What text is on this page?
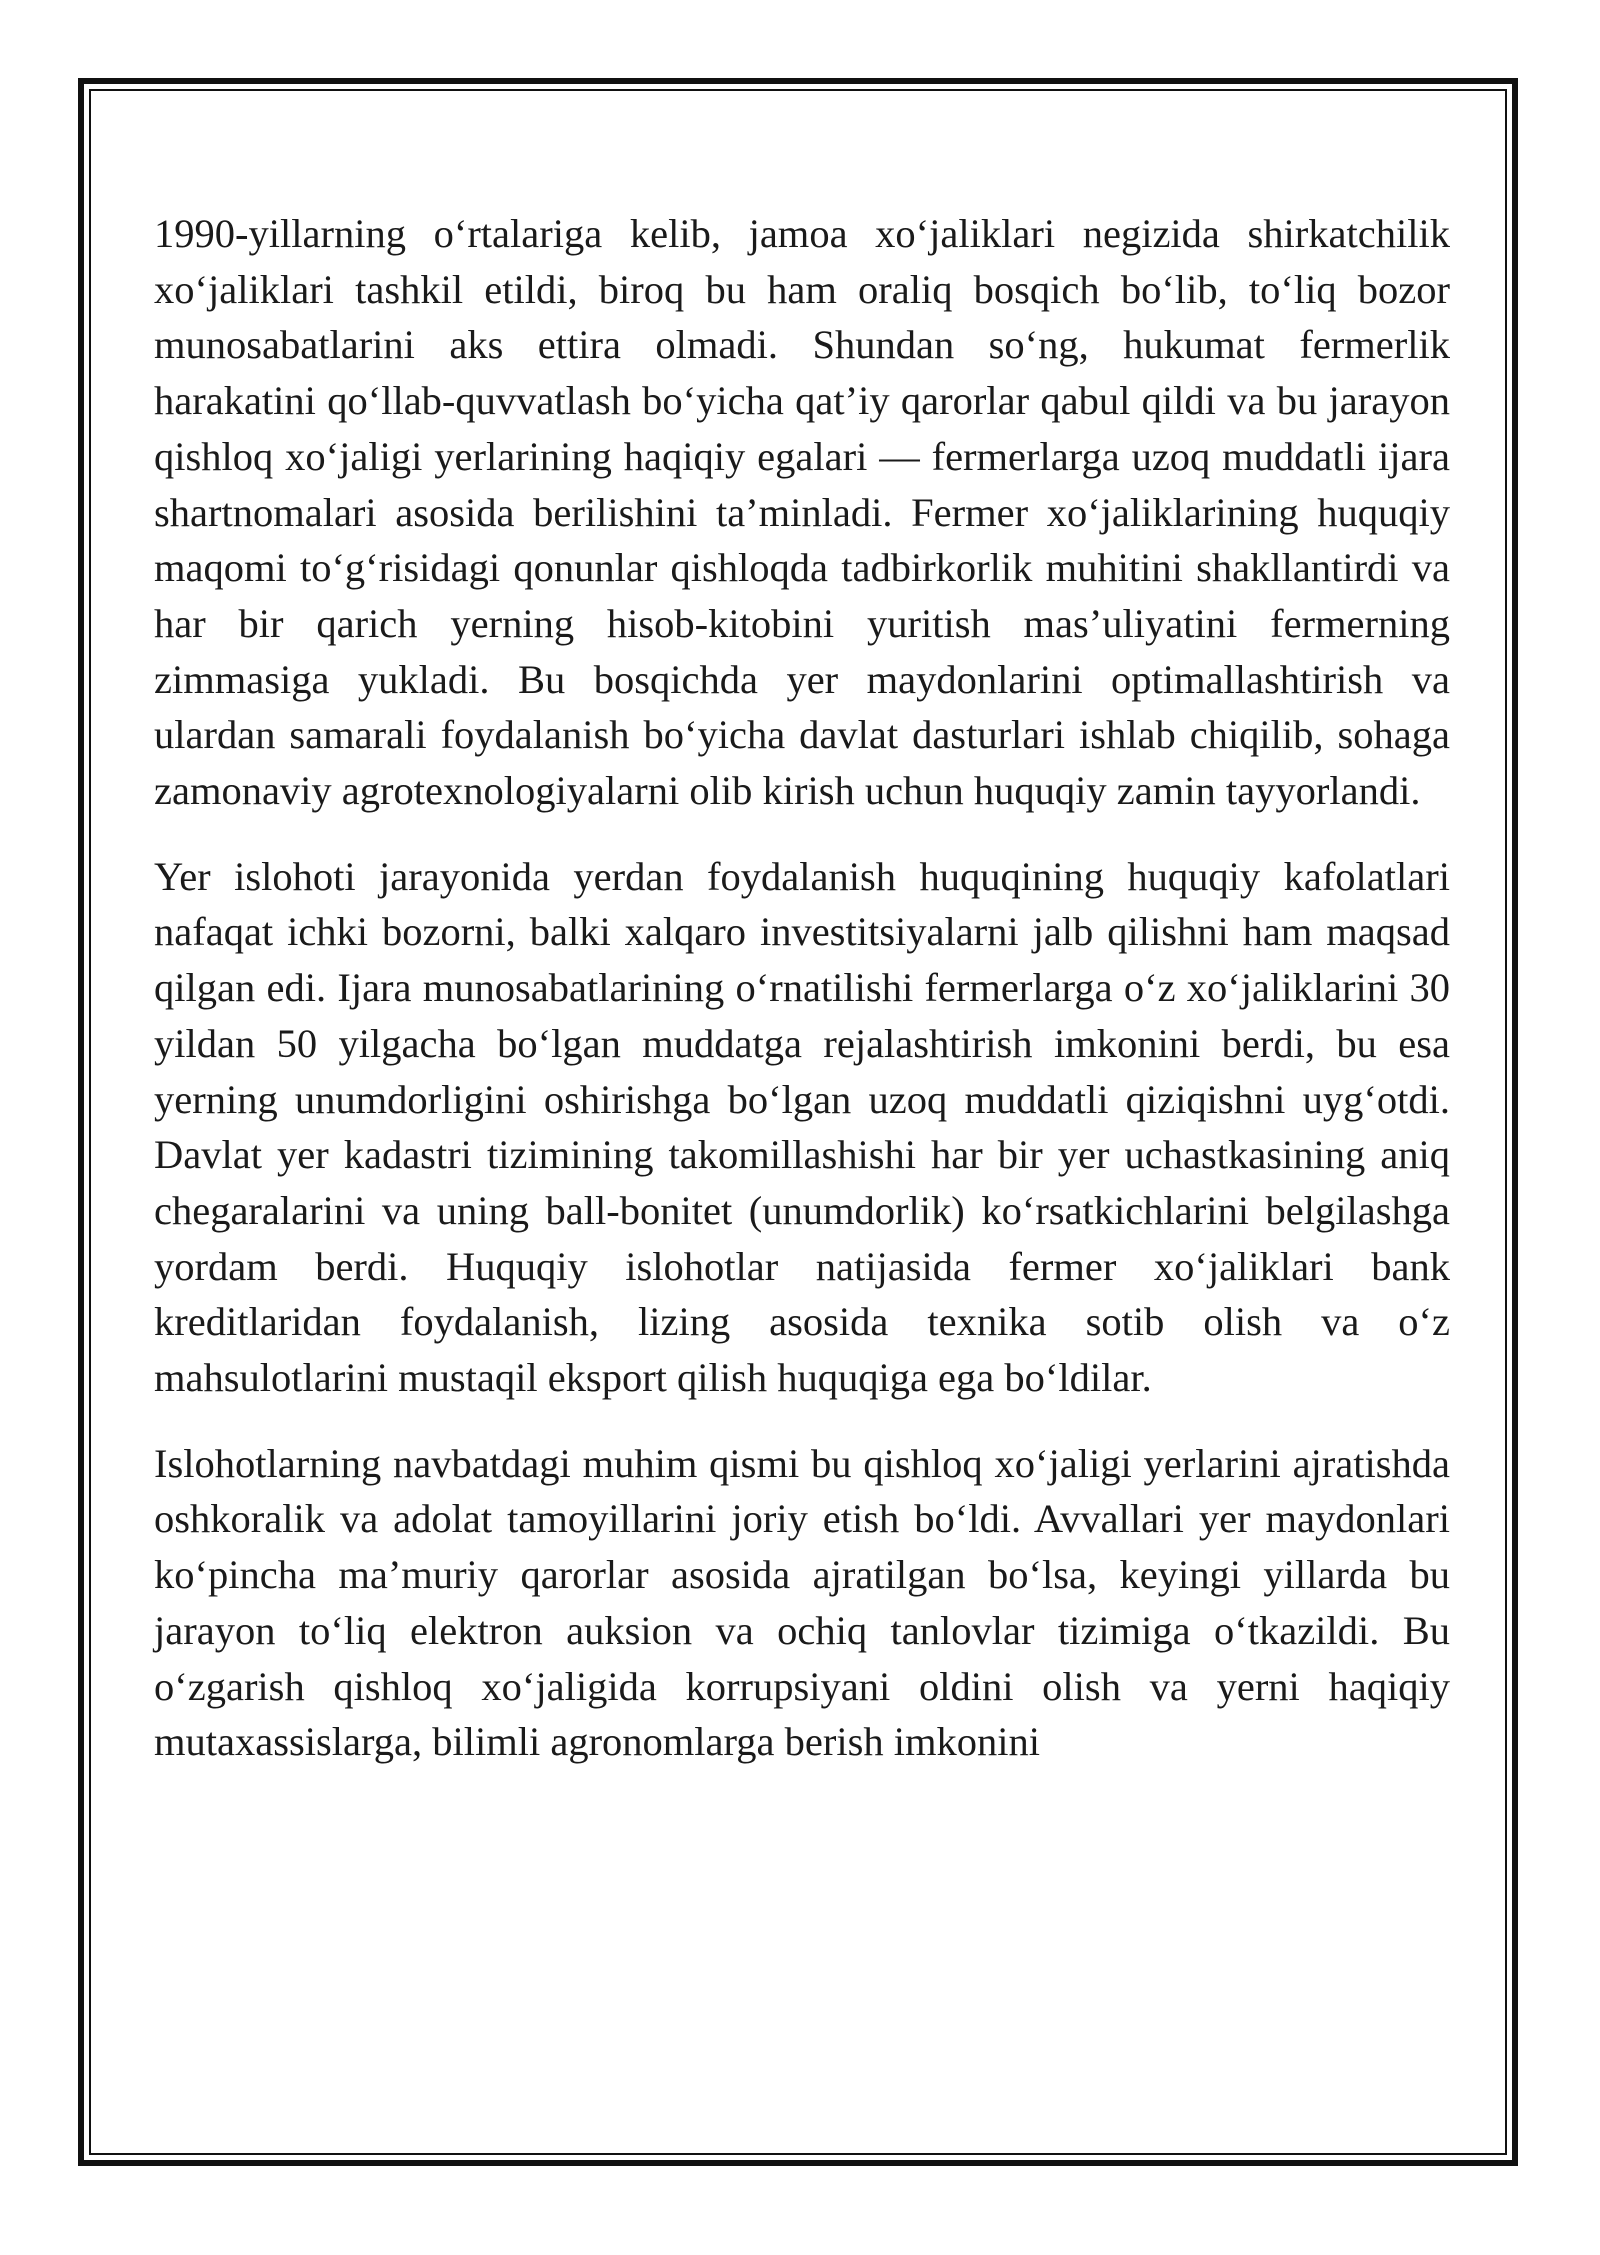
1990-yillarning o‘rtalariga kelib, jamoa xo‘jaliklari negizida shirkatchilik xo‘jaliklari tashkil etildi, biroq bu ham oraliq bosqich bo‘lib, to‘liq bozor munosabatlarini aks ettira olmadi. Shundan so‘ng, hukumat fermerlik harakatini qo‘llab-quvvatlash bo‘yicha qat’iy qarorlar qabul qildi va bu jarayon qishloq xo‘jaligi yerlarining haqiqiy egalari — fermerlarga uzoq muddatli ijara shartnomalari asosida berilishini ta’minladi. Fermer xo‘jaliklarining huquqiy maqomi to‘g‘risidagi qonunlar qishloqda tadbirkorlik muhitini shakllantirdi va har bir qarich yerning hisob-kitobini yuritish mas’uliyatini fermerning zimmasiga yukladi. Bu bosqichda yer maydonlarini optimallashtirish va ulardan samarali foydalanish bo‘yicha davlat dasturlari ishlab chiqilib, sohaga zamonaviy agrotexnologiyalarni olib kirish uchun huquqiy zamin tayyorlandi.

Yer islohoti jarayonida yerdan foydalanish huquqining huquqiy kafolatlari nafaqat ichki bozorni, balki xalqaro investitsiyalarni jalb qilishni ham maqsad qilgan edi. Ijara munosabatlarining o‘rnatilishi fermerlarga o‘z xo‘jaliklarini 30 yildan 50 yilgacha bo‘lgan muddatga rejalashtirish imkonini berdi, bu esa yerning unumdorligini oshirishga bo‘lgan uzoq muddatli qiziqishni uyg‘otdi. Davlat yer kadastri tizimining takomillashishi har bir yer uchastkasining aniq chegaralarini va uning ball-bonitet (unumdorlik) ko‘rsatkichlarini belgilashga yordam berdi. Huquqiy islohotlar natijasida fermer xo‘jaliklari bank kreditlaridan foydalanish, lizing asosida texnika sotib olish va o‘z mahsulotlarini mustaqil eksport qilish huquqiga ega bo‘ldilar.

Islohotlarning navbatdagi muhim qismi bu qishloq xo‘jaligi yerlarini ajratishda oshkoralik va adolat tamoyillarini joriy etish bo‘ldi. Avvallari yer maydonlari ko‘pincha ma’muriy qarorlar asosida ajratilgan bo‘lsa, keyingi yillarda bu jarayon to‘liq elektron auksion va ochiq tanlovlar tizimiga o‘tkazildi. Bu o‘zgarish qishloq xo‘jaligida korrupsiyani oldini olish va yerni haqiqiy mutaxassislarga, bilimli agronomlarga berish imkonini
